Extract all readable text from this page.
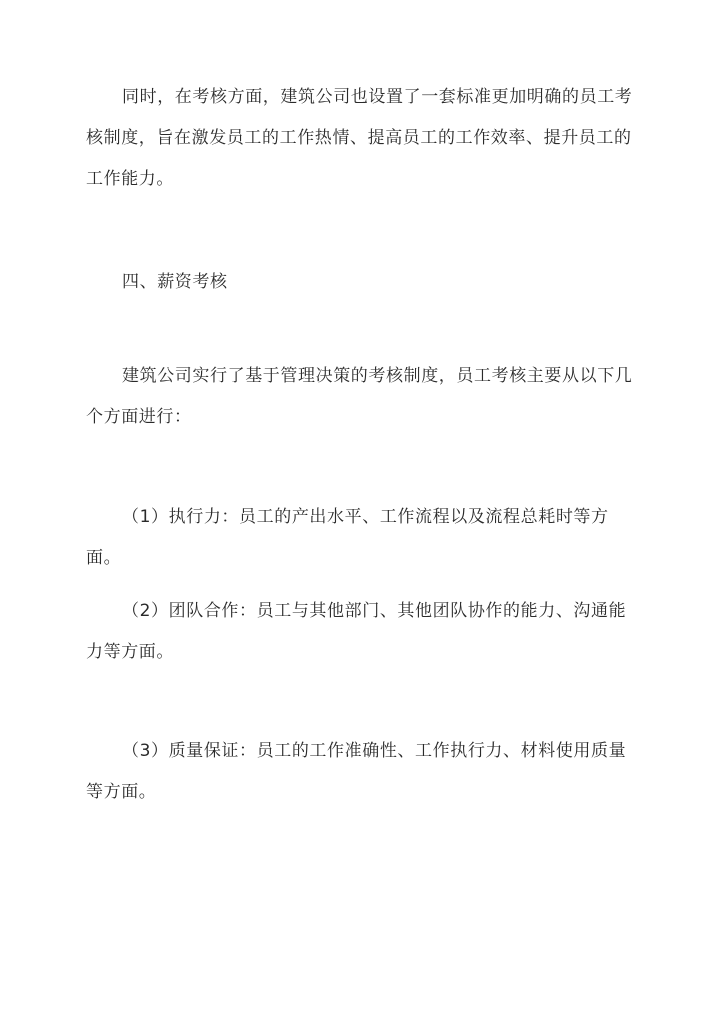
同时，在考核方面，建筑公司也设置了一套标准更加明确的员工考核制度，旨在激发员工的工作热情、提高员工的工作效率、提升员工的工作能力。

四、薪资考核

建筑公司实行了基于管理决策的考核制度，员工考核主要从以下几个方面进行：

（1）执行力：员工的产出水平、工作流程以及流程总耗时等方面。

（2）团队合作：员工与其他部门、其他团队协作的能力、沟通能力等方面。

（3）质量保证：员工的工作准确性、工作执行力、材料使用质量等方面。
